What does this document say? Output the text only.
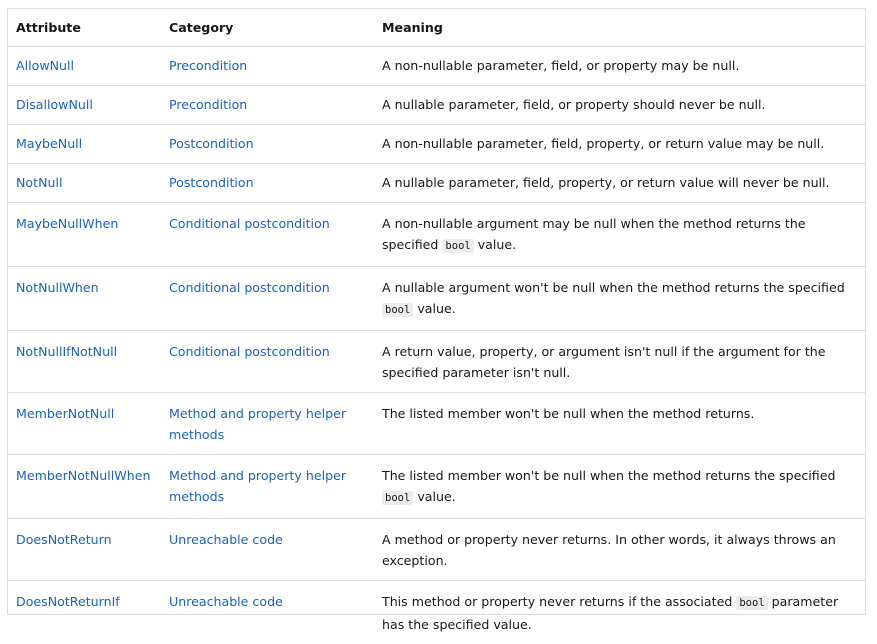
Attribute	Category	Meaning
AllowNull	Precondition	A non-nullable parameter, field, or property may be null.
DisallowNull	Precondition	A nullable parameter, field, or property should never be null.
MaybeNull	Postcondition	A non-nullable parameter, field, property, or return value may be null.
NotNull	Postcondition	A nullable parameter, field, property, or return value will never be null.
MaybeNullWhen	Conditional postcondition	A non-nullable argument may be null when the method returns the specified bool value.
NotNullWhen	Conditional postcondition	A nullable argument won't be null when the method returns the specified bool value.
NotNullIfNotNull	Conditional postcondition	A return value, property, or argument isn't null if the argument for the specified parameter isn't null.
MemberNotNull	Method and property helper methods	The listed member won't be null when the method returns.
MemberNotNullWhen	Method and property helper methods	The listed member won't be null when the method returns the specified bool value.
DoesNotReturn	Unreachable code	A method or property never returns. In other words, it always throws an exception.
DoesNotReturnIf	Unreachable code	This method or property never returns if the associated bool parameter has the specified value.
